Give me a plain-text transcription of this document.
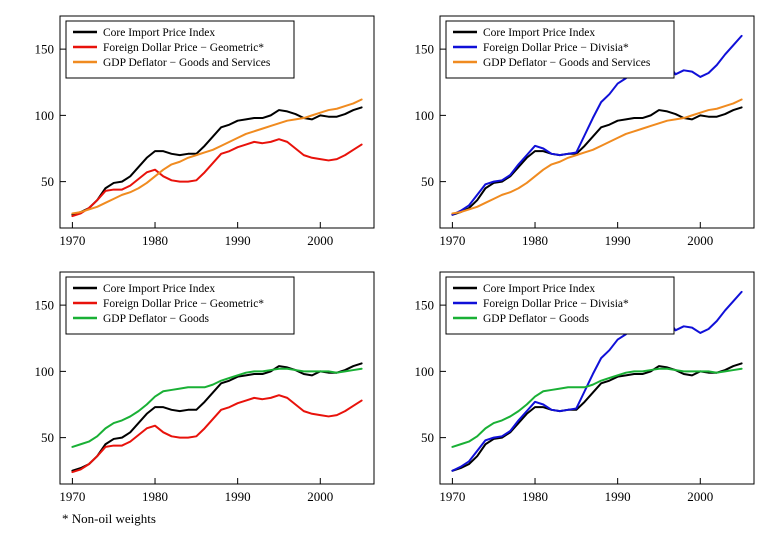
1970	1980	1990	2000
50
100
150
Core Import Price Index
Foreign Dollar Price − Geometric*
GDP Deflator − Goods and Services
1970	1980	1990	2000
50
100
150
Core Import Price Index
Foreign Dollar Price − Divisia*
GDP Deflator − Goods and Services
1970	1980	1990	2000
50
100
150
Core Import Price Index
Foreign Dollar Price − Geometric*
GDP Deflator − Goods
1970	1980	1990	2000
50
100
150
Core Import Price Index
Foreign Dollar Price − Divisia*
GDP Deflator − Goods
* Non-oil weights
